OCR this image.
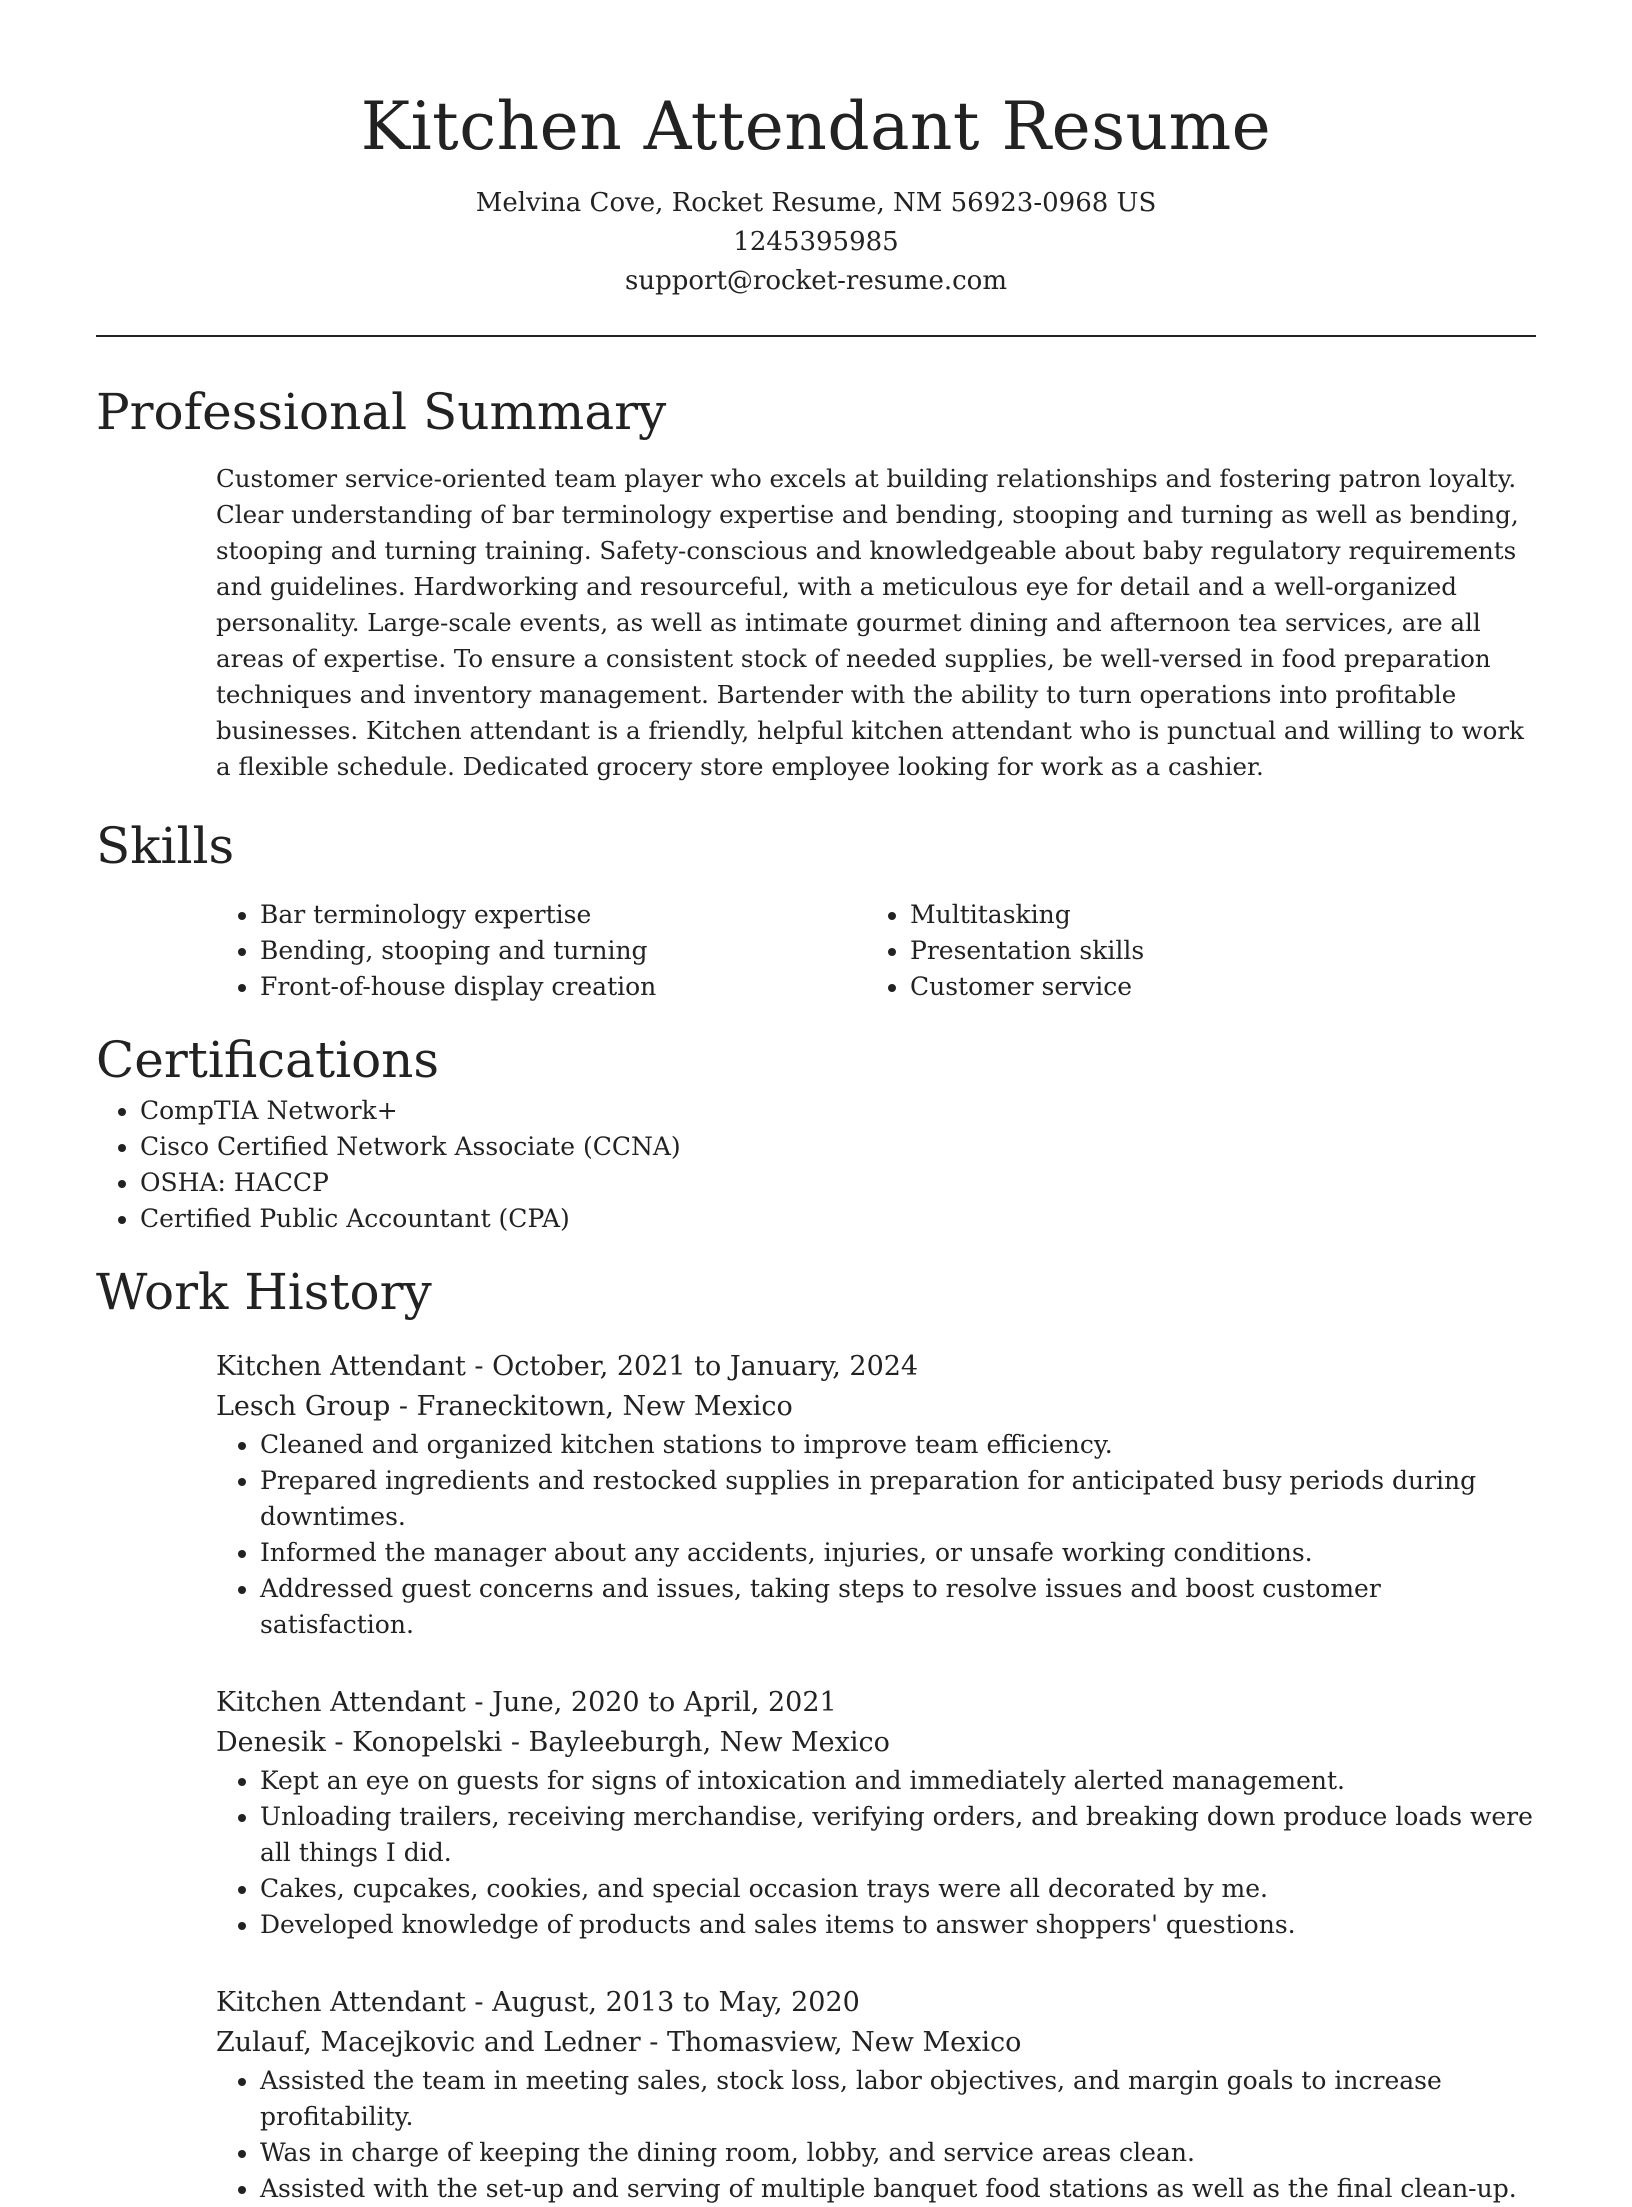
Kitchen Attendant Resume
Melvina Cove, Rocket Resume, NM 56923-0968 US
1245395985
support@rocket-resume.com
Professional Summary

Customer service-oriented team player who excels at building relationships and fostering patron loyalty. Clear understanding of bar terminology expertise and bending, stooping and turning as well as bending, stooping and turning training. Safety-conscious and knowledgeable about baby regulatory requirements and guidelines. Hardworking and resourceful, with a meticulous eye for detail and a well-organized personality. Large-scale events, as well as intimate gourmet dining and afternoon tea services, are all areas of expertise. To ensure a consistent stock of needed supplies, be well-versed in food preparation techniques and inventory management. Bartender with the ability to turn operations into profitable businesses. Kitchen attendant is a friendly, helpful kitchen attendant who is punctual and willing to work a flexible schedule. Dedicated grocery store employee looking for work as a cashier.

Skills
• Bar terminology expertise
• Bending, stooping and turning
• Front-of-house display creation
• Multitasking
• Presentation skills
• Customer service
Certifications
• CompTIA Network+
• Cisco Certified Network Associate (CCNA)
• OSHA: HACCP
• Certified Public Accountant (CPA)
Work History
Kitchen Attendant - October, 2021 to January, 2024
Lesch Group - Franeckitown, New Mexico
• Cleaned and organized kitchen stations to improve team efficiency.
• Prepared ingredients and restocked supplies in preparation for anticipated busy periods during downtimes.
• Informed the manager about any accidents, injuries, or unsafe working conditions.
• Addressed guest concerns and issues, taking steps to resolve issues and boost customer satisfaction.
Kitchen Attendant - June, 2020 to April, 2021
Denesik - Konopelski - Bayleeburgh, New Mexico
• Kept an eye on guests for signs of intoxication and immediately alerted management.
• Unloading trailers, receiving merchandise, verifying orders, and breaking down produce loads were all things I did.
• Cakes, cupcakes, cookies, and special occasion trays were all decorated by me.
• Developed knowledge of products and sales items to answer shoppers' questions.
Kitchen Attendant - August, 2013 to May, 2020
Zulauf, Macejkovic and Ledner - Thomasview, New Mexico
• Assisted the team in meeting sales, stock loss, labor objectives, and margin goals to increase profitability.
• Was in charge of keeping the dining room, lobby, and service areas clean.
• Assisted with the set-up and serving of multiple banquet food stations as well as the final clean-up.
